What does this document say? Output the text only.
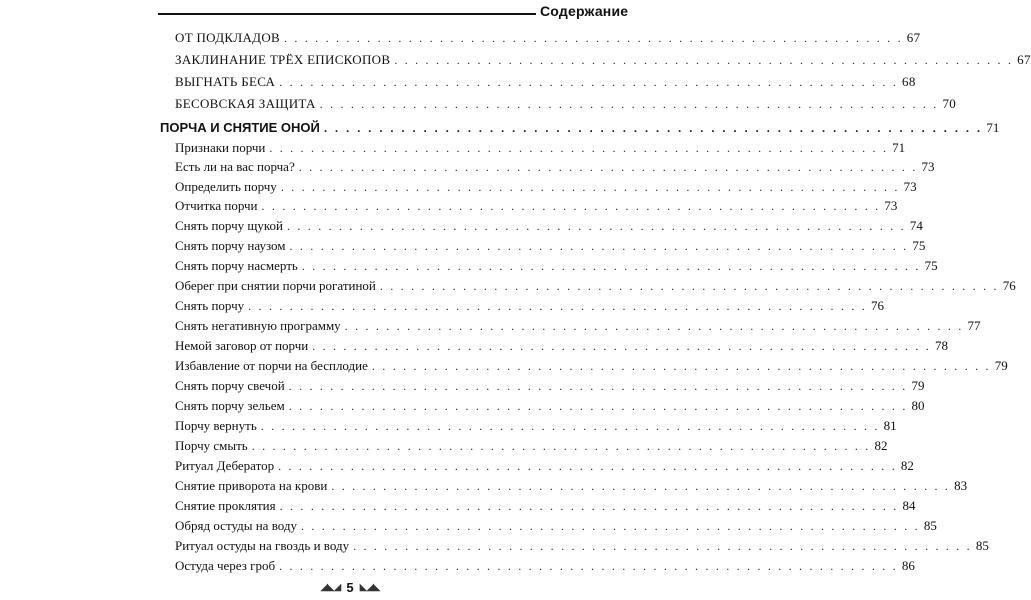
Содержание
ОТ ПОДКЛАДОВ . . . . . . . . . . . . . . . . . . . . . . . . . . . . . . . . . . . . . . . . . . . . . . . . . . . . . . . . . . . . 67
ЗАКЛИНАНИЕ ТРЁХ ЕПИСКОПОВ . . . . . . . . . . . . . . . . . . . . . . . . . . . . . . . . . . . . . . . . . . . . . . . . . . . . . . . . . . . . 67
ВЫГНАТЬ БЕСА . . . . . . . . . . . . . . . . . . . . . . . . . . . . . . . . . . . . . . . . . . . . . . . . . . . . . . . . . . . . 68
БЕСОВСКАЯ ЗАЩИТА . . . . . . . . . . . . . . . . . . . . . . . . . . . . . . . . . . . . . . . . . . . . . . . . . . . . . . . . . . . . 70
ПОРЧА И СНЯТИЕ ОНОЙ . . . . . . . . . . . . . . . . . . . . . . . . . . . . . . . . . . . . . . . . . . . . . . . . . . . . . . . . . . . . 71
Признаки порчи . . . . . . . . . . . . . . . . . . . . . . . . . . . . . . . . . . . . . . . . . . . . . . . . . . . . . . . . . . . . 71
Есть ли на вас порча? . . . . . . . . . . . . . . . . . . . . . . . . . . . . . . . . . . . . . . . . . . . . . . . . . . . . . . . . . . . . 73
Определить порчу . . . . . . . . . . . . . . . . . . . . . . . . . . . . . . . . . . . . . . . . . . . . . . . . . . . . . . . . . . . . 73
Отчитка порчи . . . . . . . . . . . . . . . . . . . . . . . . . . . . . . . . . . . . . . . . . . . . . . . . . . . . . . . . . . . . 73
Снять порчу щукой . . . . . . . . . . . . . . . . . . . . . . . . . . . . . . . . . . . . . . . . . . . . . . . . . . . . . . . . . . . . 74
Снять порчу наузом . . . . . . . . . . . . . . . . . . . . . . . . . . . . . . . . . . . . . . . . . . . . . . . . . . . . . . . . . . . . 75
Снять порчу насмерть . . . . . . . . . . . . . . . . . . . . . . . . . . . . . . . . . . . . . . . . . . . . . . . . . . . . . . . . . . . . 75
Оберег при снятии порчи рогатиной . . . . . . . . . . . . . . . . . . . . . . . . . . . . . . . . . . . . . . . . . . . . . . . . . . . . . . . . . . . . 76
Снять порчу . . . . . . . . . . . . . . . . . . . . . . . . . . . . . . . . . . . . . . . . . . . . . . . . . . . . . . . . . . . . 76
Снять негативную программу . . . . . . . . . . . . . . . . . . . . . . . . . . . . . . . . . . . . . . . . . . . . . . . . . . . . . . . . . . . . 77
Немой заговор от порчи . . . . . . . . . . . . . . . . . . . . . . . . . . . . . . . . . . . . . . . . . . . . . . . . . . . . . . . . . . . . 78
Избавление от порчи на бесплодие . . . . . . . . . . . . . . . . . . . . . . . . . . . . . . . . . . . . . . . . . . . . . . . . . . . . . . . . . . . . 79
Снять порчу свечой . . . . . . . . . . . . . . . . . . . . . . . . . . . . . . . . . . . . . . . . . . . . . . . . . . . . . . . . . . . . 79
Снять порчу зельем . . . . . . . . . . . . . . . . . . . . . . . . . . . . . . . . . . . . . . . . . . . . . . . . . . . . . . . . . . . . 80
Порчу вернуть . . . . . . . . . . . . . . . . . . . . . . . . . . . . . . . . . . . . . . . . . . . . . . . . . . . . . . . . . . . . 81
Порчу смыть . . . . . . . . . . . . . . . . . . . . . . . . . . . . . . . . . . . . . . . . . . . . . . . . . . . . . . . . . . . . 82
Ритуал Дебератор . . . . . . . . . . . . . . . . . . . . . . . . . . . . . . . . . . . . . . . . . . . . . . . . . . . . . . . . . . . . 82
Снятие приворота на крови . . . . . . . . . . . . . . . . . . . . . . . . . . . . . . . . . . . . . . . . . . . . . . . . . . . . . . . . . . . . 83
Снятие проклятия . . . . . . . . . . . . . . . . . . . . . . . . . . . . . . . . . . . . . . . . . . . . . . . . . . . . . . . . . . . . 84
Обряд остуды на воду . . . . . . . . . . . . . . . . . . . . . . . . . . . . . . . . . . . . . . . . . . . . . . . . . . . . . . . . . . . . 85
Ритуал остуды на гвоздь и воду . . . . . . . . . . . . . . . . . . . . . . . . . . . . . . . . . . . . . . . . . . . . . . . . . . . . . . . . . . . . 85
Остуда через гроб . . . . . . . . . . . . . . . . . . . . . . . . . . . . . . . . . . . . . . . . . . . . . . . . . . . . . . . . . . . . 86
◢◣◢ 5 ◣◢◣
